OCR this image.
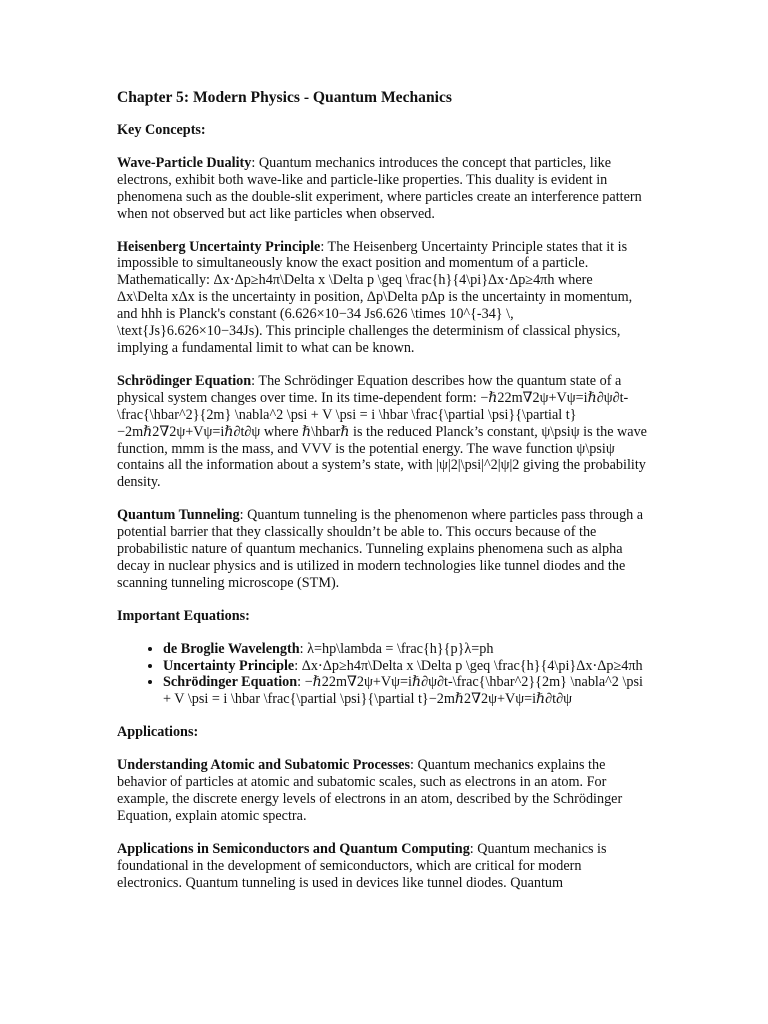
Chapter 5: Modern Physics - Quantum Mechanics
Key Concepts:

Wave-Particle Duality: Quantum mechanics introduces the concept that particles, like electrons, exhibit both wave-like and particle-like properties. This duality is evident in phenomena such as the double-slit experiment, where particles create an interference pattern when not observed but act like particles when observed.

Heisenberg Uncertainty Principle: The Heisenberg Uncertainty Principle states that it is impossible to simultaneously know the exact position and momentum of a particle. Mathematically: Δx⋅Δp≥h4π\Delta x \Delta p \geq \frac{h}{4\pi}Δx⋅Δp≥4πh where Δx\Delta xΔx is the uncertainty in position, Δp\Delta pΔp is the uncertainty in momentum, and hhh is Planck's constant (6.626×10−34 Js6.626 \times 10^{-34} \, \text{Js}6.626×10−34Js). This principle challenges the determinism of classical physics, implying a fundamental limit to what can be known.

Schrödinger Equation: The Schrödinger Equation describes how the quantum state of a physical system changes over time. In its time-dependent form: −ℏ22m∇2ψ+Vψ=iℏ∂ψ∂t-\frac{\hbar^2}{2m} \nabla^2 \psi + V \psi = i \hbar \frac{\partial \psi}{\partial t}−2mℏ2∇2ψ+Vψ=iℏ∂t∂ψ where ℏ\hbarℏ is the reduced Planck’s constant, ψ\psiψ is the wave function, mmm is the mass, and VVV is the potential energy. The wave function ψ\psiψ contains all the information about a system’s state, with |ψ|2|\psi|^2|ψ|2 giving the probability density.

Quantum Tunneling: Quantum tunneling is the phenomenon where particles pass through a potential barrier that they classically shouldn’t be able to. This occurs because of the probabilistic nature of quantum mechanics. Tunneling explains phenomena such as alpha decay in nuclear physics and is utilized in modern technologies like tunnel diodes and the scanning tunneling microscope (STM).

Important Equations:
• de Broglie Wavelength: λ=hp\lambda = \frac{h}{p}λ=ph
• Uncertainty Principle: Δx⋅Δp≥h4π\Delta x \Delta p \geq \frac{h}{4\pi}Δx⋅Δp≥4πh
• Schrödinger Equation: −ℏ22m∇2ψ+Vψ=iℏ∂ψ∂t-\frac{\hbar^2}{2m} \nabla^2 \psi + V \psi = i \hbar \frac{\partial \psi}{\partial t}−2mℏ2∇2ψ+Vψ=iℏ∂t∂ψ
Applications:

Understanding Atomic and Subatomic Processes: Quantum mechanics explains the behavior of particles at atomic and subatomic scales, such as electrons in an atom. For example, the discrete energy levels of electrons in an atom, described by the Schrödinger Equation, explain atomic spectra.

Applications in Semiconductors and Quantum Computing: Quantum mechanics is foundational in the development of semiconductors, which are critical for modern electronics. Quantum tunneling is used in devices like tunnel diodes. Quantum
